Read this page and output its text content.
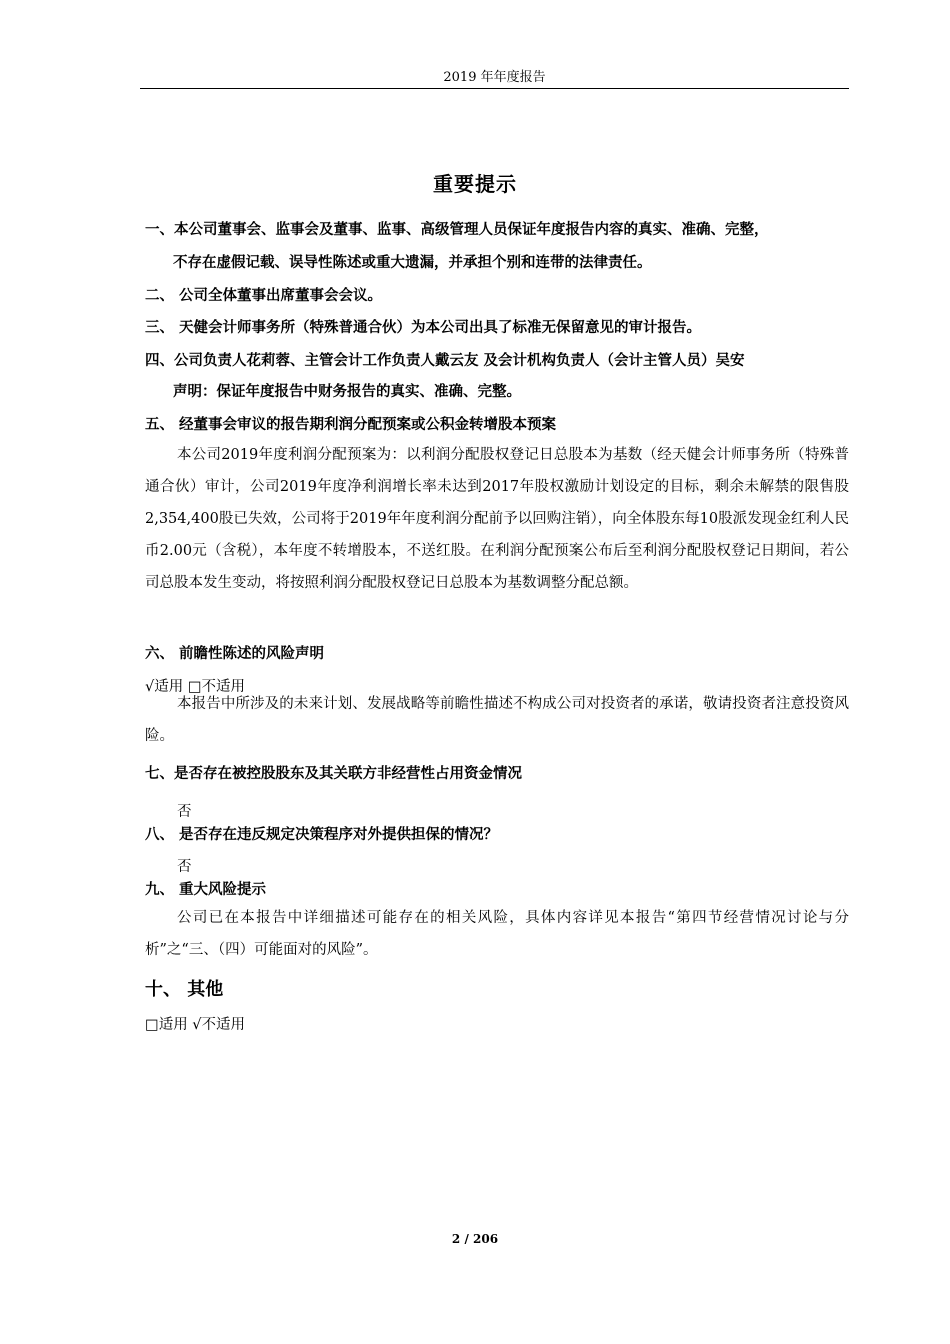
2019 年年度报告
重要提示
一、本公司董事会、监事会及董事、监事、高级管理人员保证年度报告内容的真实、准确、完整，
不存在虚假记载、误导性陈述或重大遗漏，并承担个别和连带的法律责任。
二、 公司全体董事出席董事会会议。
三、 天健会计师事务所（特殊普通合伙）为本公司出具了标准无保留意见的审计报告。
四、公司负责人花莉蓉、主管会计工作负责人戴云友 及会计机构负责人（会计主管人员）吴安
声明：保证年度报告中财务报告的真实、准确、完整。
五、 经董事会审议的报告期利润分配预案或公积金转增股本预案
本公司2019年度利润分配预案为：以利润分配股权登记日总股本为基数（经天健会计师事务所（特殊普通合伙）审计，公司2019年度净利润增长率未达到2017年股权激励计划设定的目标，剩余未解禁的限售股2,354,400股已失效，公司将于2019年年度利润分配前予以回购注销），向全体股东每10股派发现金红利人民币2.00元（含税），本年度不转增股本，不送红股。在利润分配预案公布后至利润分配股权登记日期间，若公司总股本发生变动，将按照利润分配股权登记日总股本为基数调整分配总额。
六、 前瞻性陈述的风险声明
√适用 □不适用
本报告中所涉及的未来计划、发展战略等前瞻性描述不构成公司对投资者的承诺，敬请投资者注意投资风险。
七、是否存在被控股股东及其关联方非经营性占用资金情况
否
八、 是否存在违反规定决策程序对外提供担保的情况？
否
九、 重大风险提示
公司已在本报告中详细描述可能存在的相关风险，具体内容详见本报告“第四节经营情况讨论与分析”之“三、（四）可能面对的风险”。
十、 其他
□适用 √不适用
2 / 206
